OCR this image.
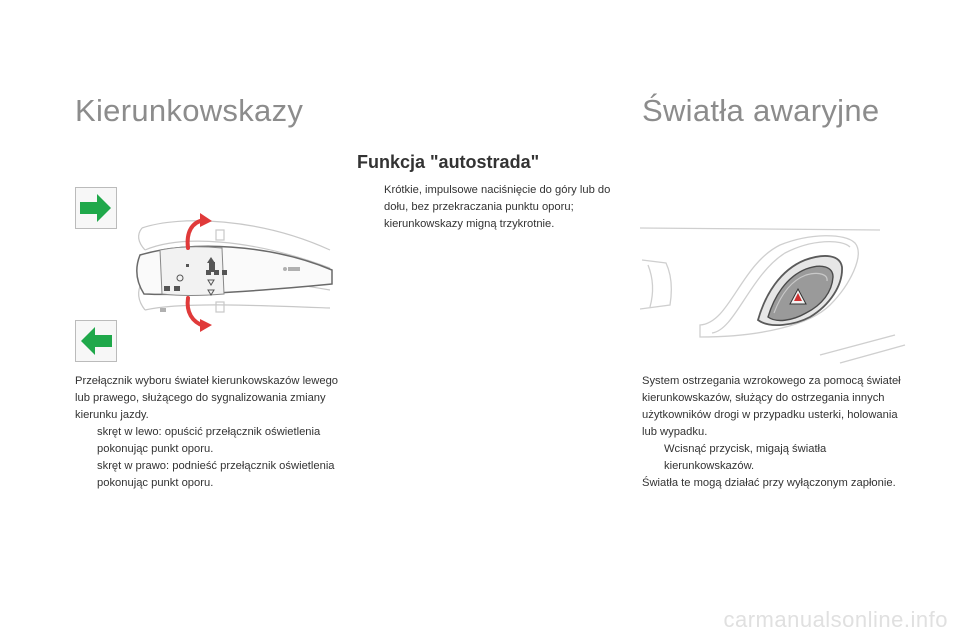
Kierunkowskazy	Światła awaryjne
Funkcja "autostrada"
Krótkie, impulsowe naciśnięcie do góry lub do dołu, bez przekraczania punktu oporu; kierunkowskazy migną trzykrotnie.

Przełącznik wyboru świateł kierunkowskazów lewego lub prawego, służącego do sygnalizowania zmiany kierunku jazdy.

skręt w lewo: opuścić przełącznik oświetlenia pokonując punkt oporu.
skręt w prawo: podnieść przełącznik oświetlenia pokonując punkt oporu.

System ostrzegania wzrokowego za pomocą świateł kierunkowskazów, służący do ostrzegania innych użytkowników drogi w przypadku usterki, holowania lub wypadku.

Wcisnąć przycisk, migają światła kierunkowskazów.

Światła te mogą działać przy wyłączonym zapłonie.

carmanualsonline.info
